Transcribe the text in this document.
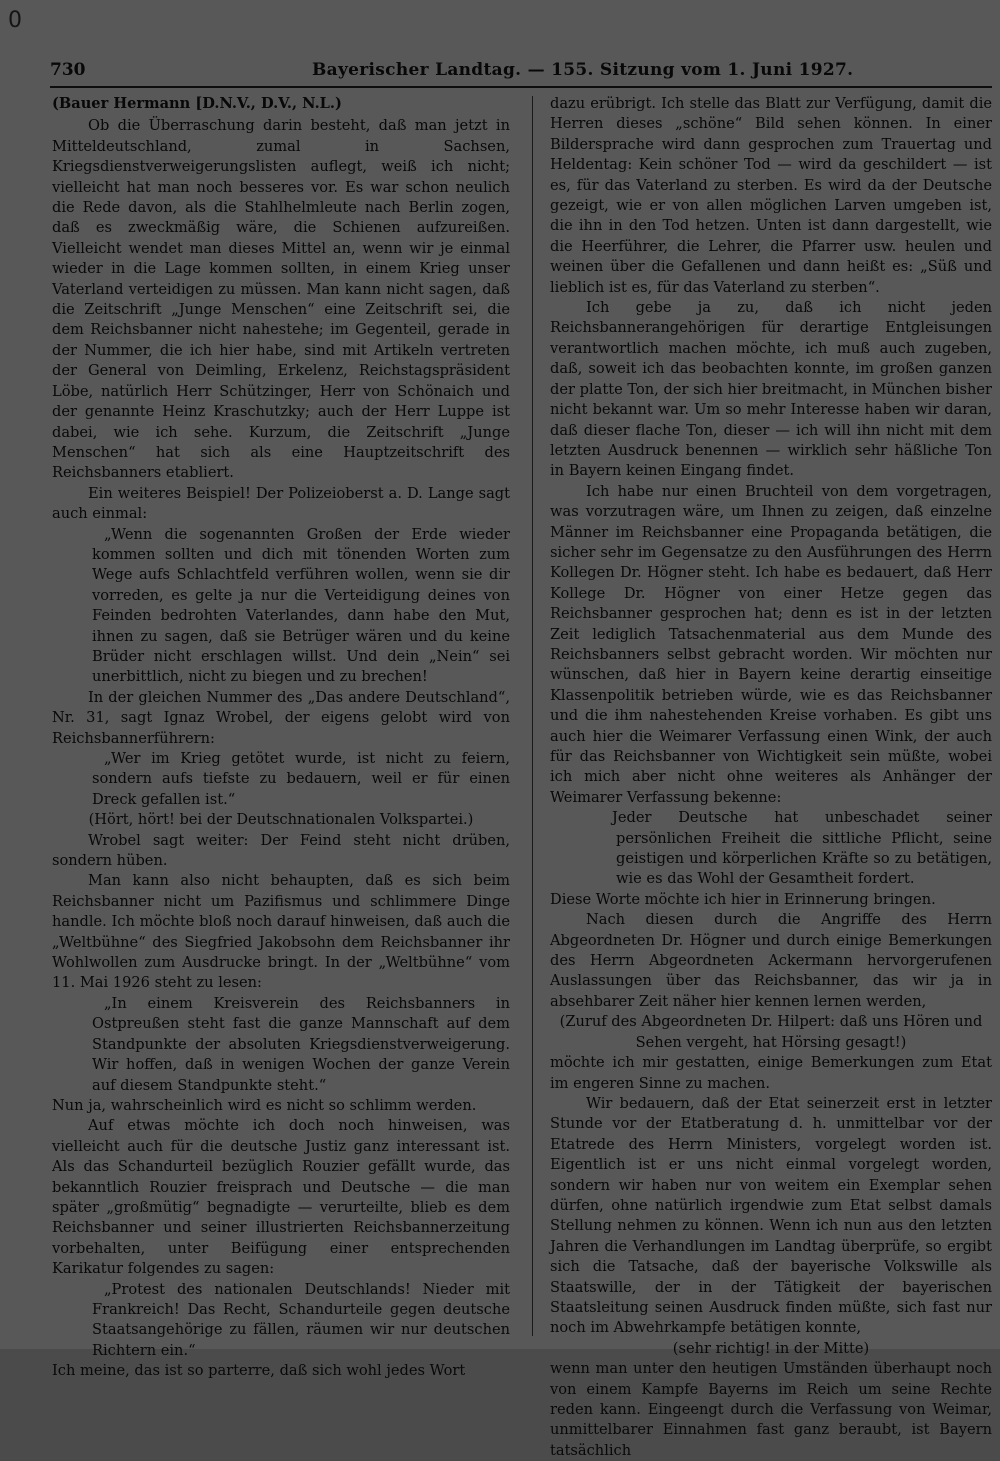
0
730	Bayerischer Landtag. — 155. Sitzung vom 1. Juni 1927.

(Bauer Hermann [D.N.V., D.V., N.L.)

Ob die Überraschung darin besteht, daß man jetzt in Mitteldeutschland, zumal in Sachsen, Kriegsdienstverweigerungslisten auflegt, weiß ich nicht; vielleicht hat man noch besseres vor. Es war schon neulich die Rede davon, als die Stahlhelmleute nach Berlin zogen, daß es zweckmäßig wäre, die Schienen aufzureißen. Vielleicht wendet man dieses Mittel an, wenn wir je einmal wieder in die Lage kommen sollten, in einem Krieg unser Vaterland verteidigen zu müssen. Man kann nicht sagen, daß die Zeitschrift „Junge Menschen“ eine Zeitschrift sei, die dem Reichsbanner nicht nahestehe; im Gegenteil, gerade in der Nummer, die ich hier habe, sind mit Artikeln vertreten der General von Deimling, Erkelenz, Reichstagspräsident Löbe, natürlich Herr Schützinger, Herr von Schönaich und der genannte Heinz Kraschutzky; auch der Herr Luppe ist dabei, wie ich sehe. Kurzum, die Zeitschrift „Junge Menschen“ hat sich als eine Hauptzeitschrift des Reichsbanners etabliert.

Ein weiteres Beispiel! Der Polizeioberst a. D. Lange sagt auch einmal:

„Wenn die sogenannten Großen der Erde wieder kommen sollten und dich mit tönenden Worten zum Wege aufs Schlachtfeld verführen wollen, wenn sie dir vorreden, es gelte ja nur die Verteidigung deines von Feinden bedrohten Vaterlandes, dann habe den Mut, ihnen zu sagen, daß sie Betrüger wären und du keine Brüder nicht erschlagen willst. Und dein „Nein“ sei unerbittlich, nicht zu biegen und zu brechen!

In der gleichen Nummer des „Das andere Deutschland“, Nr. 31, sagt Ignaz Wrobel, der eigens gelobt wird von Reichsbannerführern:

„Wer im Krieg getötet wurde, ist nicht zu feiern, sondern aufs tiefste zu bedauern, weil er für einen Dreck gefallen ist.“

(Hört, hört! bei der Deutschnationalen Volkspartei.)

Wrobel sagt weiter: Der Feind steht nicht drüben, sondern hüben.

Man kann also nicht behaupten, daß es sich beim Reichsbanner nicht um Pazifismus und schlimmere Dinge handle. Ich möchte bloß noch darauf hinweisen, daß auch die „Weltbühne“ des Siegfried Jakobsohn dem Reichsbanner ihr Wohlwollen zum Ausdrucke bringt. In der „Weltbühne“ vom 11. Mai 1926 steht zu lesen:

„In einem Kreisverein des Reichsbanners in Ostpreußen steht fast die ganze Mannschaft auf dem Standpunkte der absoluten Kriegsdienstverweigerung. Wir hoffen, daß in wenigen Wochen der ganze Verein auf diesem Standpunkte steht.“

Nun ja, wahrscheinlich wird es nicht so schlimm werden.

Auf etwas möchte ich doch noch hinweisen, was vielleicht auch für die deutsche Justiz ganz interessant ist. Als das Schandurteil bezüglich Rouzier gefällt wurde, das bekanntlich Rouzier freisprach und Deutsche — die man später „großmütig“ begnadigte — verurteilte, blieb es dem Reichsbanner und seiner illustrierten Reichsbannerzeitung vorbehalten, unter Beifügung einer entsprechenden Karikatur folgendes zu sagen:

„Protest des nationalen Deutschlands! Nieder mit Frankreich! Das Recht, Schandurteile gegen deutsche Staatsangehörige zu fällen, räumen wir nur deutschen Richtern ein.“

Ich meine, das ist so parterre, daß sich wohl jedes Wort

dazu erübrigt. Ich stelle das Blatt zur Verfügung, damit die Herren dieses „schöne“ Bild sehen können. In einer Bildersprache wird dann gesprochen zum Trauertag und Heldentag: Kein schöner Tod — wird da geschildert — ist es, für das Vaterland zu sterben. Es wird da der Deutsche gezeigt, wie er von allen möglichen Larven umgeben ist, die ihn in den Tod hetzen. Unten ist dann dargestellt, wie die Heerführer, die Lehrer, die Pfarrer usw. heulen und weinen über die Gefallenen und dann heißt es: „Süß und lieblich ist es, für das Vaterland zu sterben“.

Ich gebe ja zu, daß ich nicht jeden Reichsbannerangehörigen für derartige Entgleisungen verantwortlich machen möchte, ich muß auch zugeben, daß, soweit ich das beobachten konnte, im großen ganzen der platte Ton, der sich hier breitmacht, in München bisher nicht bekannt war. Um so mehr Interesse haben wir daran, daß dieser flache Ton, dieser — ich will ihn nicht mit dem letzten Ausdruck benennen — wirklich sehr häßliche Ton in Bayern keinen Eingang findet.

Ich habe nur einen Bruchteil von dem vorgetragen, was vorzutragen wäre, um Ihnen zu zeigen, daß einzelne Männer im Reichsbanner eine Propaganda betätigen, die sicher sehr im Gegensatze zu den Ausführungen des Herrn Kollegen Dr. Högner steht. Ich habe es bedauert, daß Herr Kollege Dr. Högner von einer Hetze gegen das Reichsbanner gesprochen hat; denn es ist in der letzten Zeit lediglich Tatsachenmaterial aus dem Munde des Reichsbanners selbst gebracht worden. Wir möchten nur wünschen, daß hier in Bayern keine derartig einseitige Klassenpolitik betrieben würde, wie es das Reichsbanner und die ihm nahestehenden Kreise vorhaben. Es gibt uns auch hier die Weimarer Verfassung einen Wink, der auch für das Reichsbanner von Wichtigkeit sein müßte, wobei ich mich aber nicht ohne weiteres als Anhänger der Weimarer Verfassung bekenne:

Jeder Deutsche hat unbeschadet seiner persönlichen Freiheit die sittliche Pflicht, seine geistigen und körperlichen Kräfte so zu betätigen, wie es das Wohl der Gesamtheit fordert.

Diese Worte möchte ich hier in Erinnerung bringen.

Nach diesen durch die Angriffe des Herrn Abgeordneten Dr. Högner und durch einige Bemerkungen des Herrn Abgeordneten Ackermann hervorgerufenen Auslassungen über das Reichsbanner, das wir ja in absehbarer Zeit näher hier kennen lernen werden,

(Zuruf des Abgeordneten Dr. Hilpert: daß uns Hören und Sehen vergeht, hat Hörsing gesagt!)

möchte ich mir gestatten, einige Bemerkungen zum Etat im engeren Sinne zu machen.

Wir bedauern, daß der Etat seinerzeit erst in letzter Stunde vor der Etatberatung d. h. unmittelbar vor der Etatrede des Herrn Ministers, vorgelegt worden ist. Eigentlich ist er uns nicht einmal vorgelegt worden, sondern wir haben nur von weitem ein Exemplar sehen dürfen, ohne natürlich irgendwie zum Etat selbst damals Stellung nehmen zu können. Wenn ich nun aus den letzten Jahren die Verhandlungen im Landtag überprüfe, so ergibt sich die Tatsache, daß der bayerische Volkswille als Staatswille, der in der Tätigkeit der bayerischen Staatsleitung seinen Ausdruck finden müßte, sich fast nur noch im Abwehrkampfe betätigen konnte,

(sehr richtig! in der Mitte)

wenn man unter den heutigen Umständen überhaupt noch von einem Kampfe Bayerns im Reich um seine Rechte reden kann. Eingeengt durch die Verfassung von Weimar, unmittelbarer Einnahmen fast ganz beraubt, ist Bayern tatsächlich
